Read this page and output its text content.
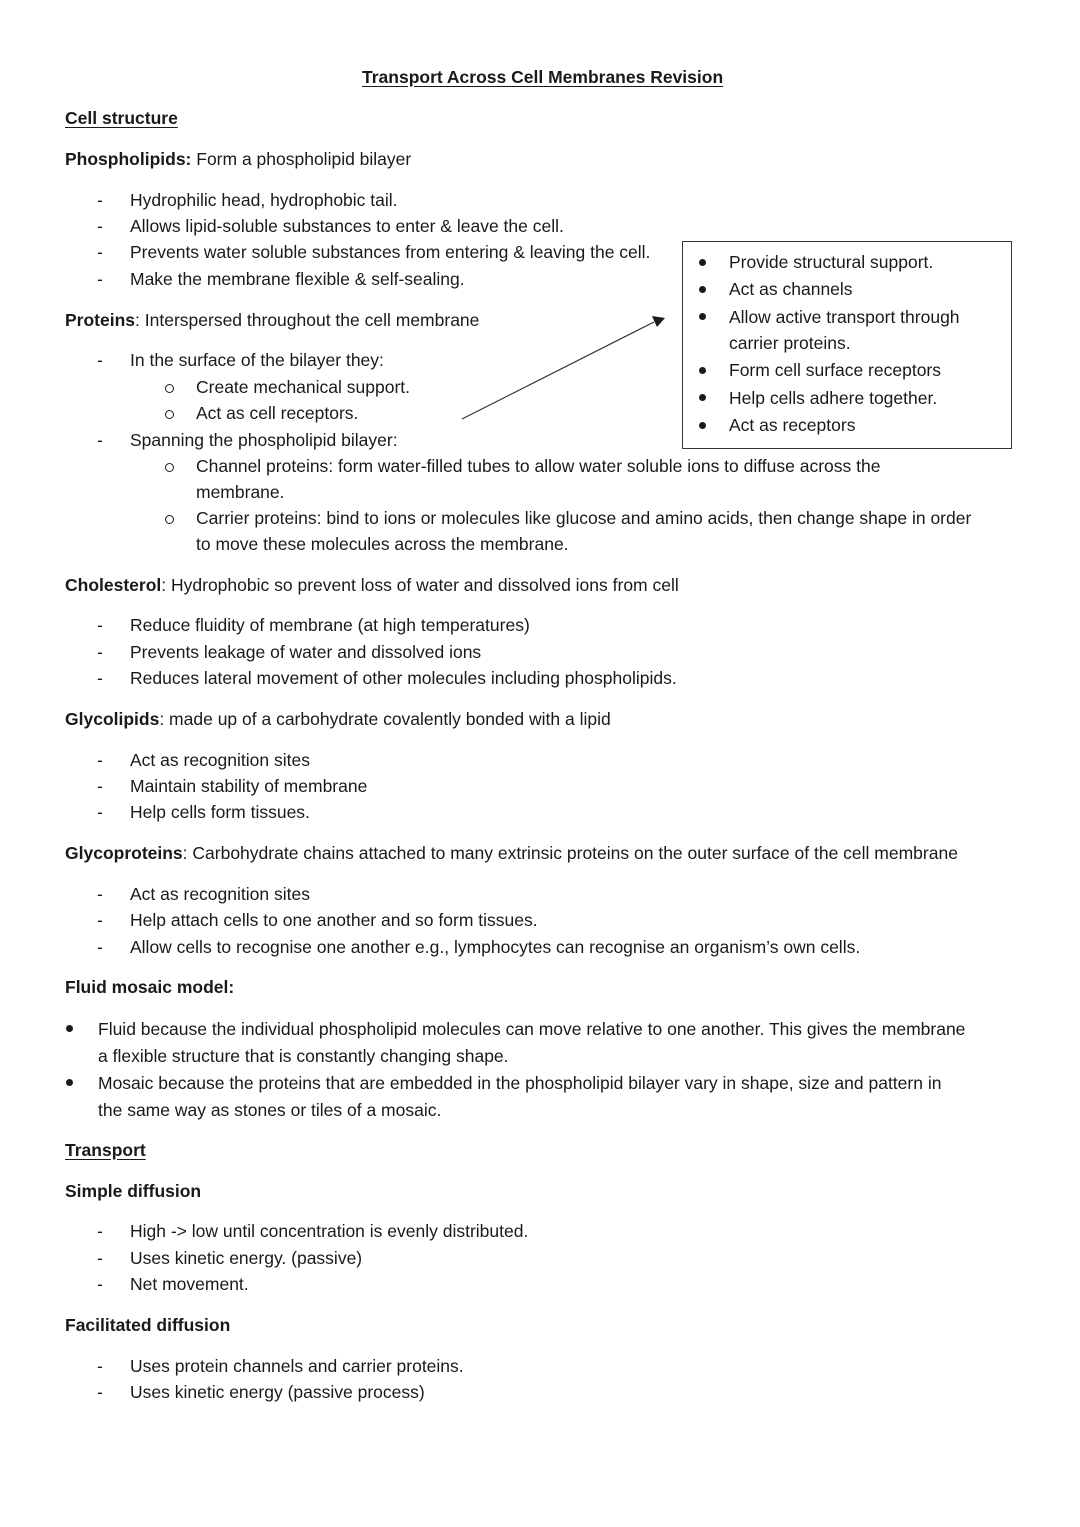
Transport Across Cell Membranes Revision
Cell structure
Phospholipids: Form a phospholipid bilayer
- Hydrophilic head, hydrophobic tail.
- Allows lipid-soluble substances to enter & leave the cell.
- Prevents water soluble substances from entering & leaving the cell.
- Make the membrane flexible & self-sealing.
Proteins: Interspersed throughout the cell membrane
- In the surface of the bilayer they:
Create mechanical support.
Act as cell receptors.
- Spanning the phospholipid bilayer:
Channel proteins: form water-filled tubes to allow water soluble ions to diffuse across the
membrane.
Carrier proteins: bind to ions or molecules like glucose and amino acids, then change shape in order
to move these molecules across the membrane.
Provide structural support.
Act as channels
Allow active transport through
carrier proteins.
Form cell surface receptors
Help cells adhere together.
Act as receptors
Cholesterol: Hydrophobic so prevent loss of water and dissolved ions from cell
- Reduce fluidity of membrane (at high temperatures)
- Prevents leakage of water and dissolved ions
- Reduces lateral movement of other molecules including phospholipids.
Glycolipids: made up of a carbohydrate covalently bonded with a lipid
- Act as recognition sites
- Maintain stability of membrane
- Help cells form tissues.
Glycoproteins: Carbohydrate chains attached to many extrinsic proteins on the outer surface of the cell membrane
- Act as recognition sites
- Help attach cells to one another and so form tissues.
- Allow cells to recognise one another e.g., lymphocytes can recognise an organism’s own cells.
Fluid mosaic model:
Fluid because the individual phospholipid molecules can move relative to one another. This gives the membrane
a flexible structure that is constantly changing shape.
Mosaic because the proteins that are embedded in the phospholipid bilayer vary in shape, size and pattern in
the same way as stones or tiles of a mosaic.
Transport
Simple diffusion
- High -> low until concentration is evenly distributed.
- Uses kinetic energy. (passive)
- Net movement.
Facilitated diffusion
- Uses protein channels and carrier proteins.
- Uses kinetic energy (passive process)
